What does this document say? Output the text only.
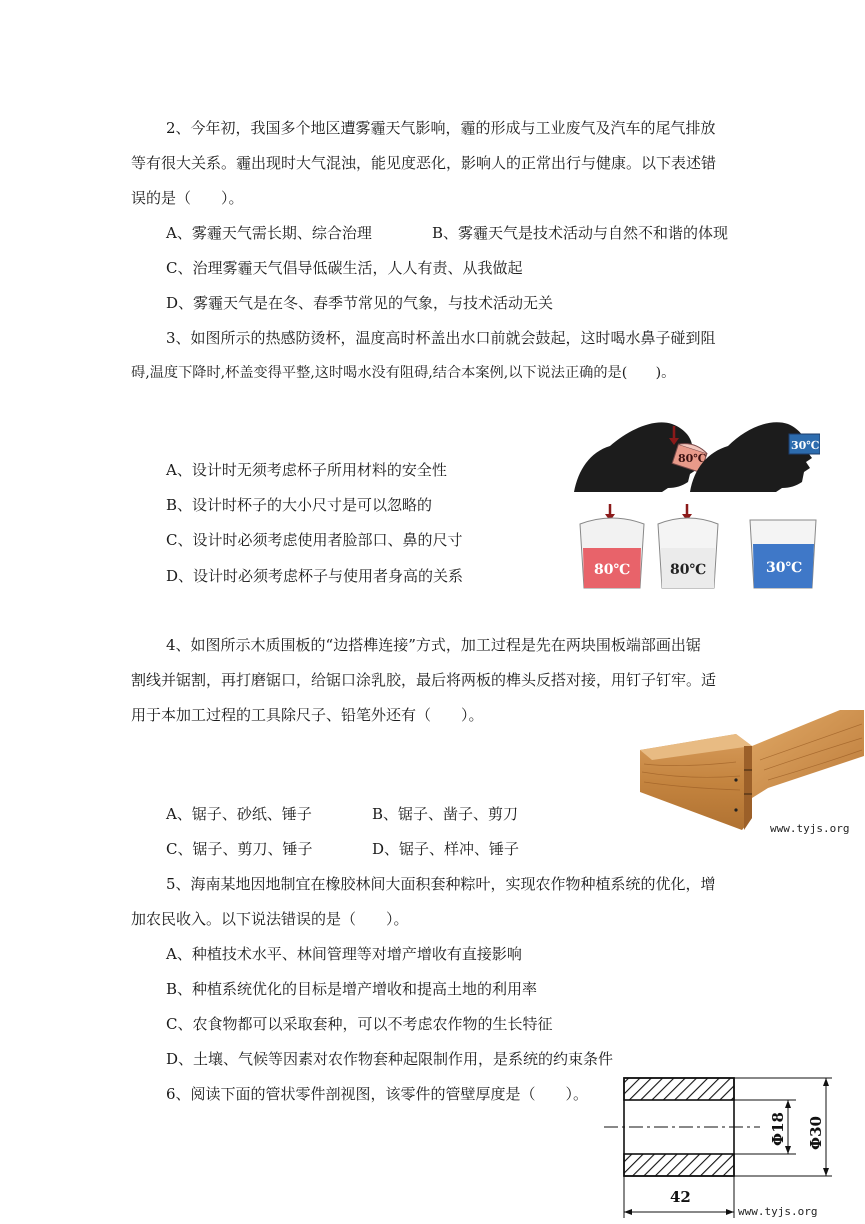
2、今年初，我国多个地区遭雾霾天气影响，霾的形成与工业废气及汽车的尾气排放
等有很大关系。霾出现时大气混浊，能见度恶化，影响人的正常出行与健康。以下表述错
误的是（　　）。
A、雾霾天气需长期、综合治理	B、雾霾天气是技术活动与自然不和谐的体现
C、治理雾霾天气倡导低碳生活，人人有责、从我做起
D、雾霾天气是在冬、春季节常见的气象，与技术活动无关
3、如图所示的热感防烫杯，温度高时杯盖出水口前就会鼓起，这时喝水鼻子碰到阻
碍,温度下降时,杯盖变得平整,这时喝水没有阻碍,结合本案例,以下说法正确的是(　　)。
A、设计时无须考虑杯子所用材料的安全性
B、设计时杯子的大小尺寸是可以忽略的
C、设计时必须考虑使用者脸部口、鼻的尺寸
D、设计时必须考虑杯子与使用者身高的关系
80℃
30℃
80℃	80℃	30℃
4、如图所示木质围板的“边搭榫连接”方式，加工过程是先在两块围板端部画出锯
割线并锯割，再打磨锯口，给锯口涂乳胶，最后将两板的榫头反搭对接，用钉子钉牢。适
用于本加工过程的工具除尺子、铅笔外还有（　　）。
A、锯子、砂纸、锤子	B、锯子、凿子、剪刀
C、锯子、剪刀、锤子	D、锯子、样冲、锤子
www.tyjs.org
5、海南某地因地制宜在橡胶林间大面积套种粽叶，实现农作物种植系统的优化，增
加农民收入。以下说法错误的是（　　）。
A、种植技术水平、林间管理等对增产增收有直接影响
B、种植系统优化的目标是增产增收和提高土地的利用率
C、农食物都可以采取套种，可以不考虑农作物的生长特征
D、土壤、气候等因素对农作物套种起限制作用，是系统的约束条件
6、阅读下面的管状零件剖视图，该零件的管壁厚度是（　　）。
Φ18 Φ30
42
www.tyjs.org
